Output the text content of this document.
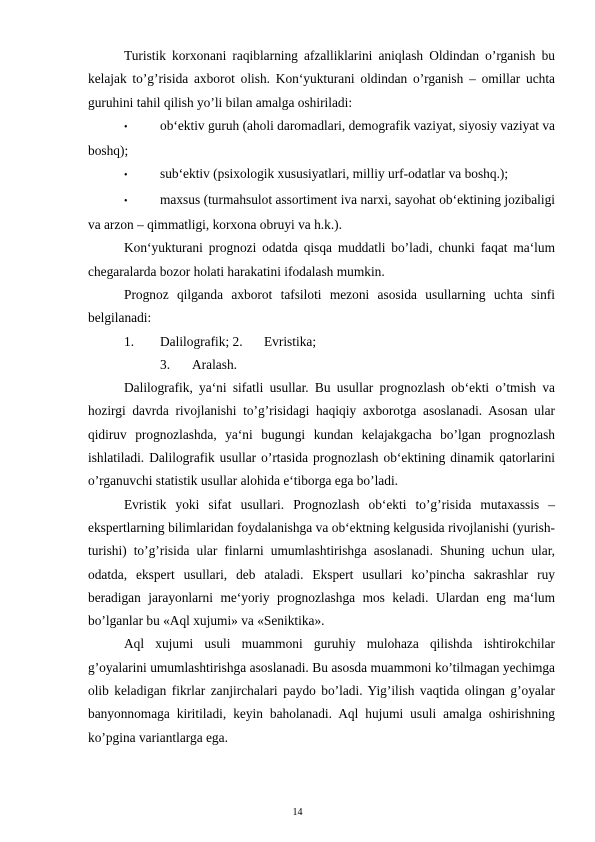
Turistik korxonani raqiblarning afzalliklarini aniqlash Oldindan o’rganish bu kelajak to’g’risida axborot olish. Kon‘yukturani oldindan o’rganish – omillar uchta guruhini tahil qilish yo’li bilan amalga oshiriladi:

• ob‘ektiv guruh (aholi daromadlari, demografik vaziyat, siyosiy vaziyat va boshq);

• sub‘ektiv (psixologik xususiyatlari, milliy urf-odatlar va boshq.);

• maxsus (turmahsulot assortiment iva narxi, sayohat ob‘ektining jozibaligi va arzon – qimmatligi, korxona obruyi va h.k.).

Kon‘yukturani prognozi odatda qisqa muddatli bo’ladi, chunki faqat ma‘lum chegaralarda bozor holati harakatini ifodalash mumkin.

Prognoz qilganda axborot tafsiloti mezoni asosida usullarning uchta sinfi belgilanadi:

1.	Dalilografik; 2.	Evristika;
3.	Aralash.

Dalilografik, ya‘ni sifatli usullar. Bu usullar prognozlash ob‘ekti o’tmish va hozirgi davrda rivojlanishi to’g’risidagi haqiqiy axborotga asoslanadi. Asosan ular qidiruv prognozlashda, ya‘ni bugungi kundan kelajakgacha bo’lgan prognozlash ishlatiladi. Dalilografik usullar o’rtasida prognozlash ob‘ektining dinamik qatorlarini o’rganuvchi statistik usullar alohida e‘tiborga ega bo’ladi.

Evristik yoki sifat usullari. Prognozlash ob‘ekti to’g’risida mutaxassis – ekspertlarning bilimlaridan foydalanishga va ob‘ektning kelgusida rivojlanishi (yurish-turishi) to’g’risida ular finlarni umumlashtirishga asoslanadi. Shuning uchun ular, odatda, ekspert usullari, deb ataladi. Ekspert usullari ko’pincha sakrashlar ruy beradigan jarayonlarni me‘yoriy prognozlashga mos keladi. Ulardan eng ma‘lum bo’lganlar bu «Aql xujumi» va «Seniktika».

Aql xujumi usuli muammoni guruhiy mulohaza qilishda ishtirokchilar g’oyalarini umumlashtirishga asoslanadi. Bu asosda muammoni ko’tilmagan yechimga olib keladigan fikrlar zanjirchalari paydo bo’ladi. Yig’ilish vaqtida olingan g’oyalar banyonnomaga kiritiladi, keyin baholanadi. Aql hujumi usuli amalga oshirishning ko’pgina variantlarga ega.

14
